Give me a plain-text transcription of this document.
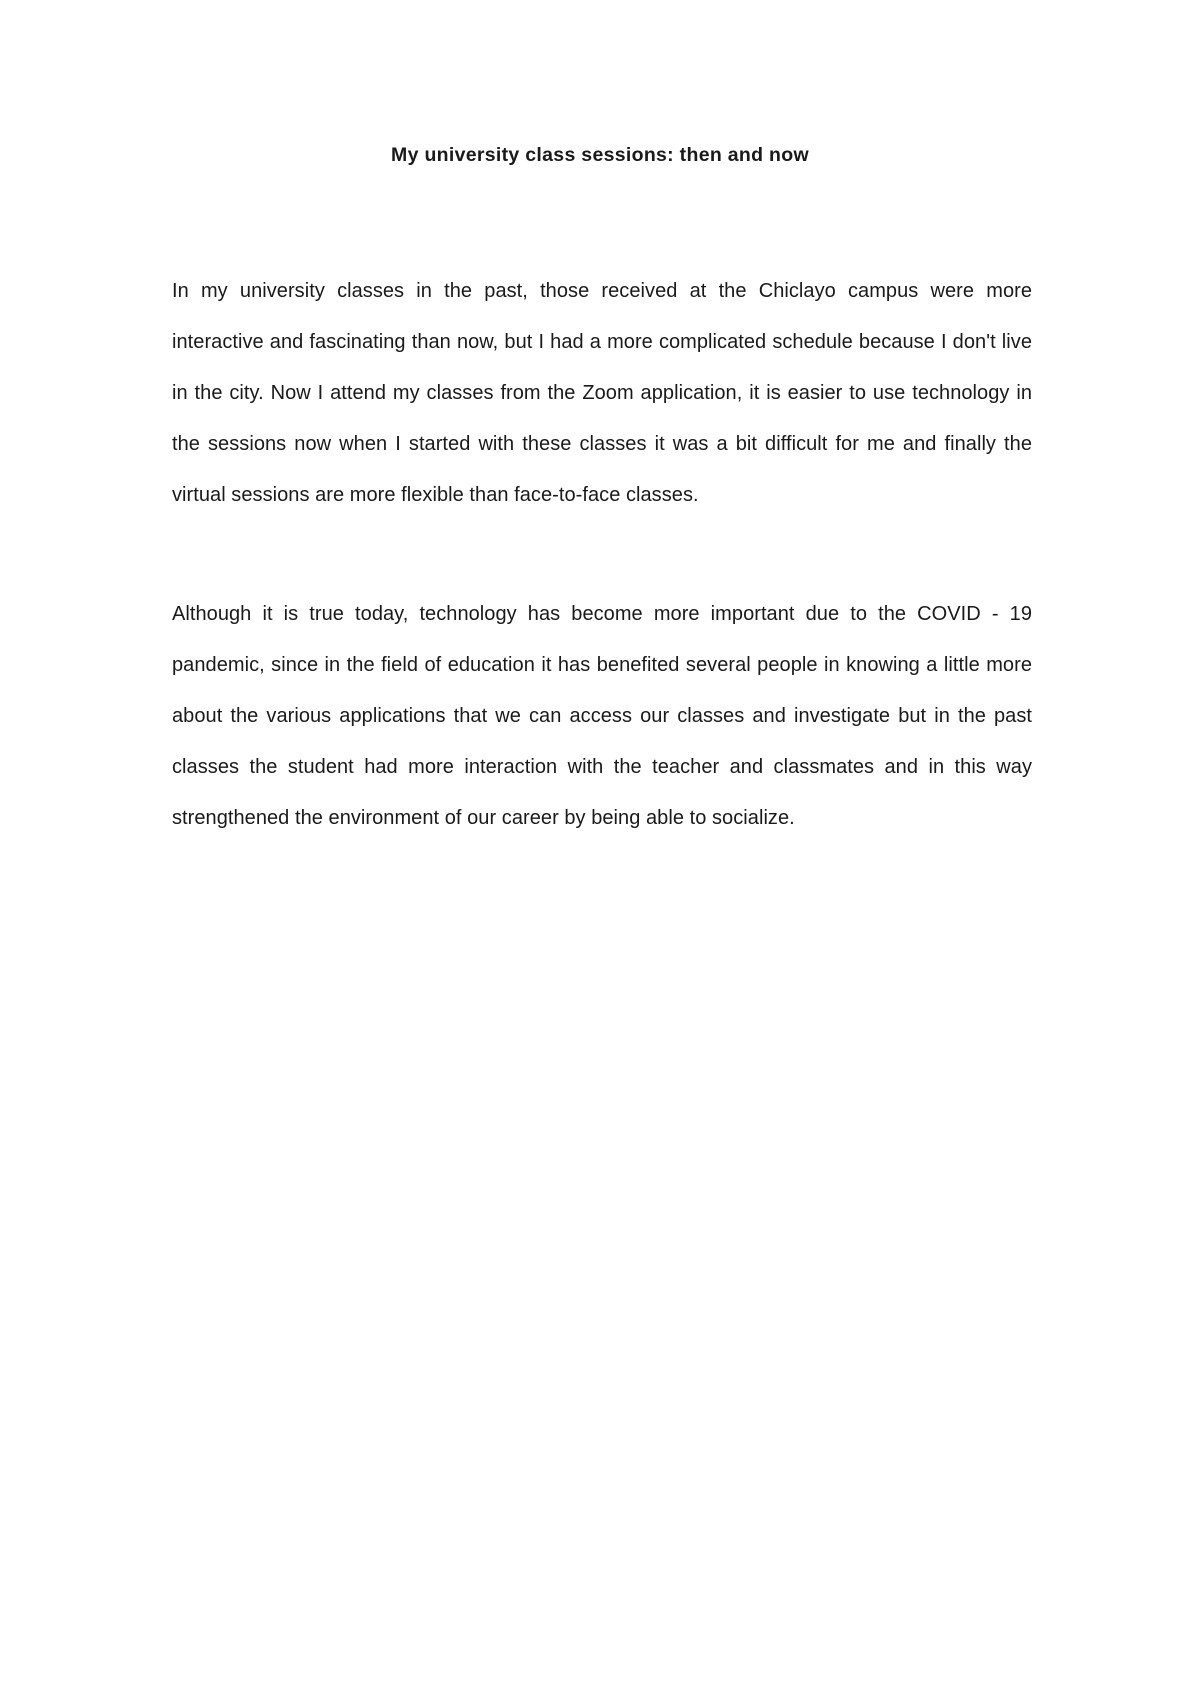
My university class sessions: then and now

In my university classes in the past, those received at the Chiclayo campus were more interactive and fascinating than now, but I had a more complicated schedule because I don't live in the city. Now I attend my classes from the Zoom application, it is easier to use technology in the sessions now when I started with these classes it was a bit difficult for me and finally the virtual sessions are more flexible than face-to-face classes.

Although it is true today, technology has become more important due to the COVID - 19 pandemic, since in the field of education it has benefited several people in knowing a little more about the various applications that we can access our classes and investigate but in the past classes the student had more interaction with the teacher and classmates and in this way strengthened the environment of our career by being able to socialize.
